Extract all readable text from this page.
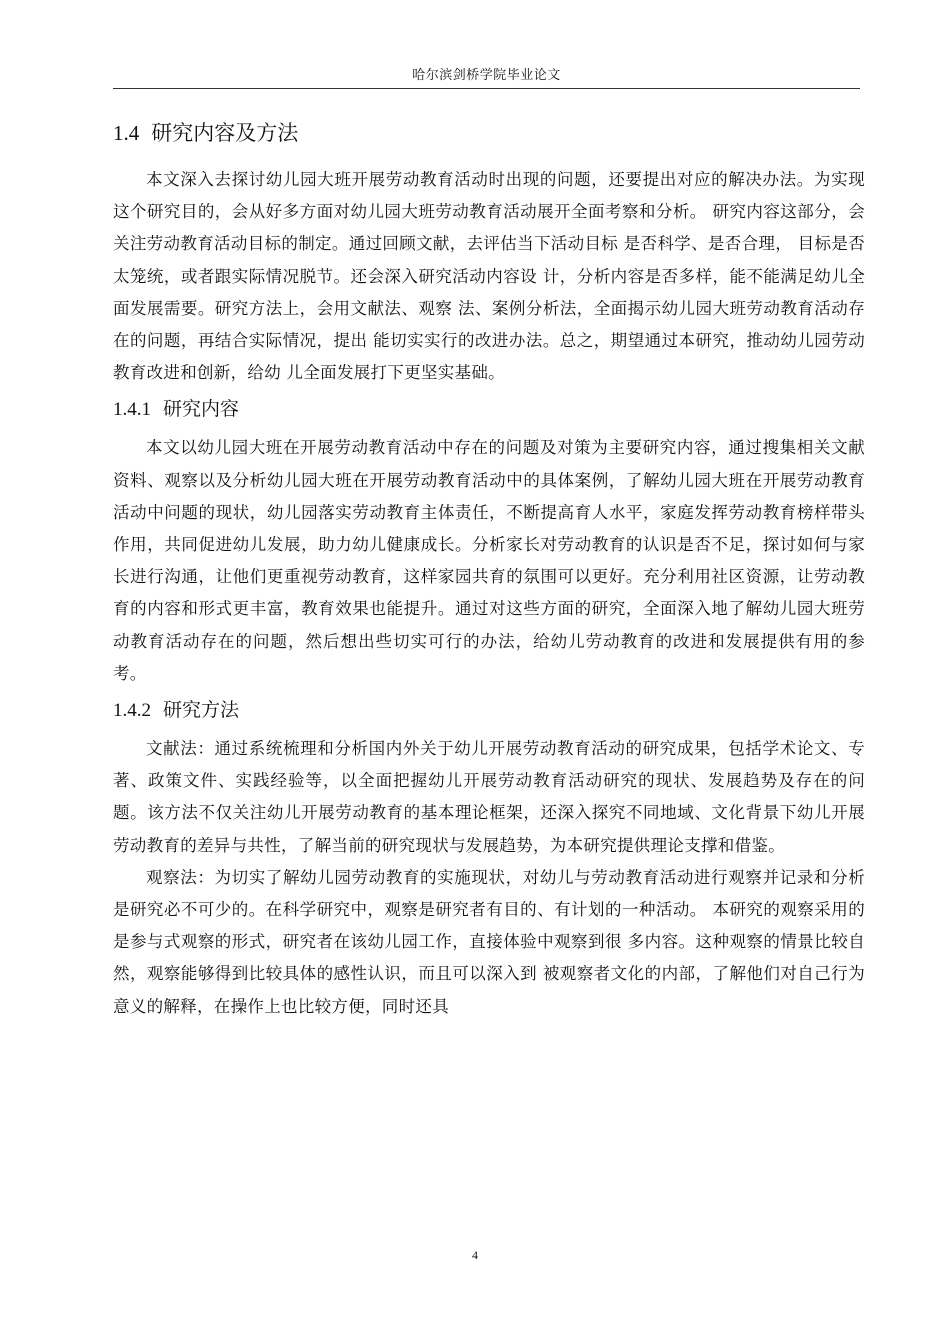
哈尔滨剑桥学院毕业论文
1.4 研究内容及方法

本文深入去探讨幼儿园大班开展劳动教育活动时出现的问题，还要提出对应的解决办法。为实现这个研究目的，会从好多方面对幼儿园大班劳动教育活动展开全面考察和分析。 研究内容这部分，会关注劳动教育活动目标的制定。通过回顾文献，去评估当下活动目标 是否科学、是否合理， 目标是否太笼统，或者跟实际情况脱节。还会深入研究活动内容设 计，分析内容是否多样，能不能满足幼儿全面发展需要。研究方法上，会用文献法、观察 法、案例分析法，全面揭示幼儿园大班劳动教育活动存在的问题，再结合实际情况，提出 能切实实行的改进办法。总之，期望通过本研究，推动幼儿园劳动教育改进和创新，给幼 儿全面发展打下更坚实基础。

1.4.1 研究内容

本文以幼儿园大班在开展劳动教育活动中存在的问题及对策为主要研究内容，通过搜集相关文献资料、观察以及分析幼儿园大班在开展劳动教育活动中的具体案例，了解幼儿园大班在开展劳动教育活动中问题的现状，幼儿园落实劳动教育主体责任，不断提高育人水平，家庭发挥劳动教育榜样带头作用，共同促进幼儿发展，助力幼儿健康成长。分析家长对劳动教育的认识是否不足，探讨如何与家长进行沟通，让他们更重视劳动教育，这样家园共育的氛围可以更好。充分利用社区资源，让劳动教育的内容和形式更丰富，教育效果也能提升。通过对这些方面的研究，全面深入地了解幼儿园大班劳动教育活动存在的问题，然后想出些切实可行的办法，给幼儿劳动教育的改进和发展提供有用的参考。

1.4.2 研究方法

文献法：通过系统梳理和分析国内外关于幼儿开展劳动教育活动的研究成果，包括学术论文、专著、政策文件、实践经验等，以全面把握幼儿开展劳动教育活动研究的现状、发展趋势及存在的问题。该方法不仅关注幼儿开展劳动教育的基本理论框架，还深入探究不同地域、文化背景下幼儿开展劳动教育的差异与共性，了解当前的研究现状与发展趋势，为本研究提供理论支撑和借鉴。

观察法：为切实了解幼儿园劳动教育的实施现状，对幼儿与劳动教育活动进行观察并记录和分析是研究必不可少的。在科学研究中，观察是研究者有目的、有计划的一种活动。 本研究的观察采用的是参与式观察的形式，研究者在该幼儿园工作，直接体验中观察到很 多内容。这种观察的情景比较自然，观察能够得到比较具体的感性认识，而且可以深入到 被观察者文化的内部，了解他们对自己行为意义的解释，在操作上也比较方便，同时还具

4
